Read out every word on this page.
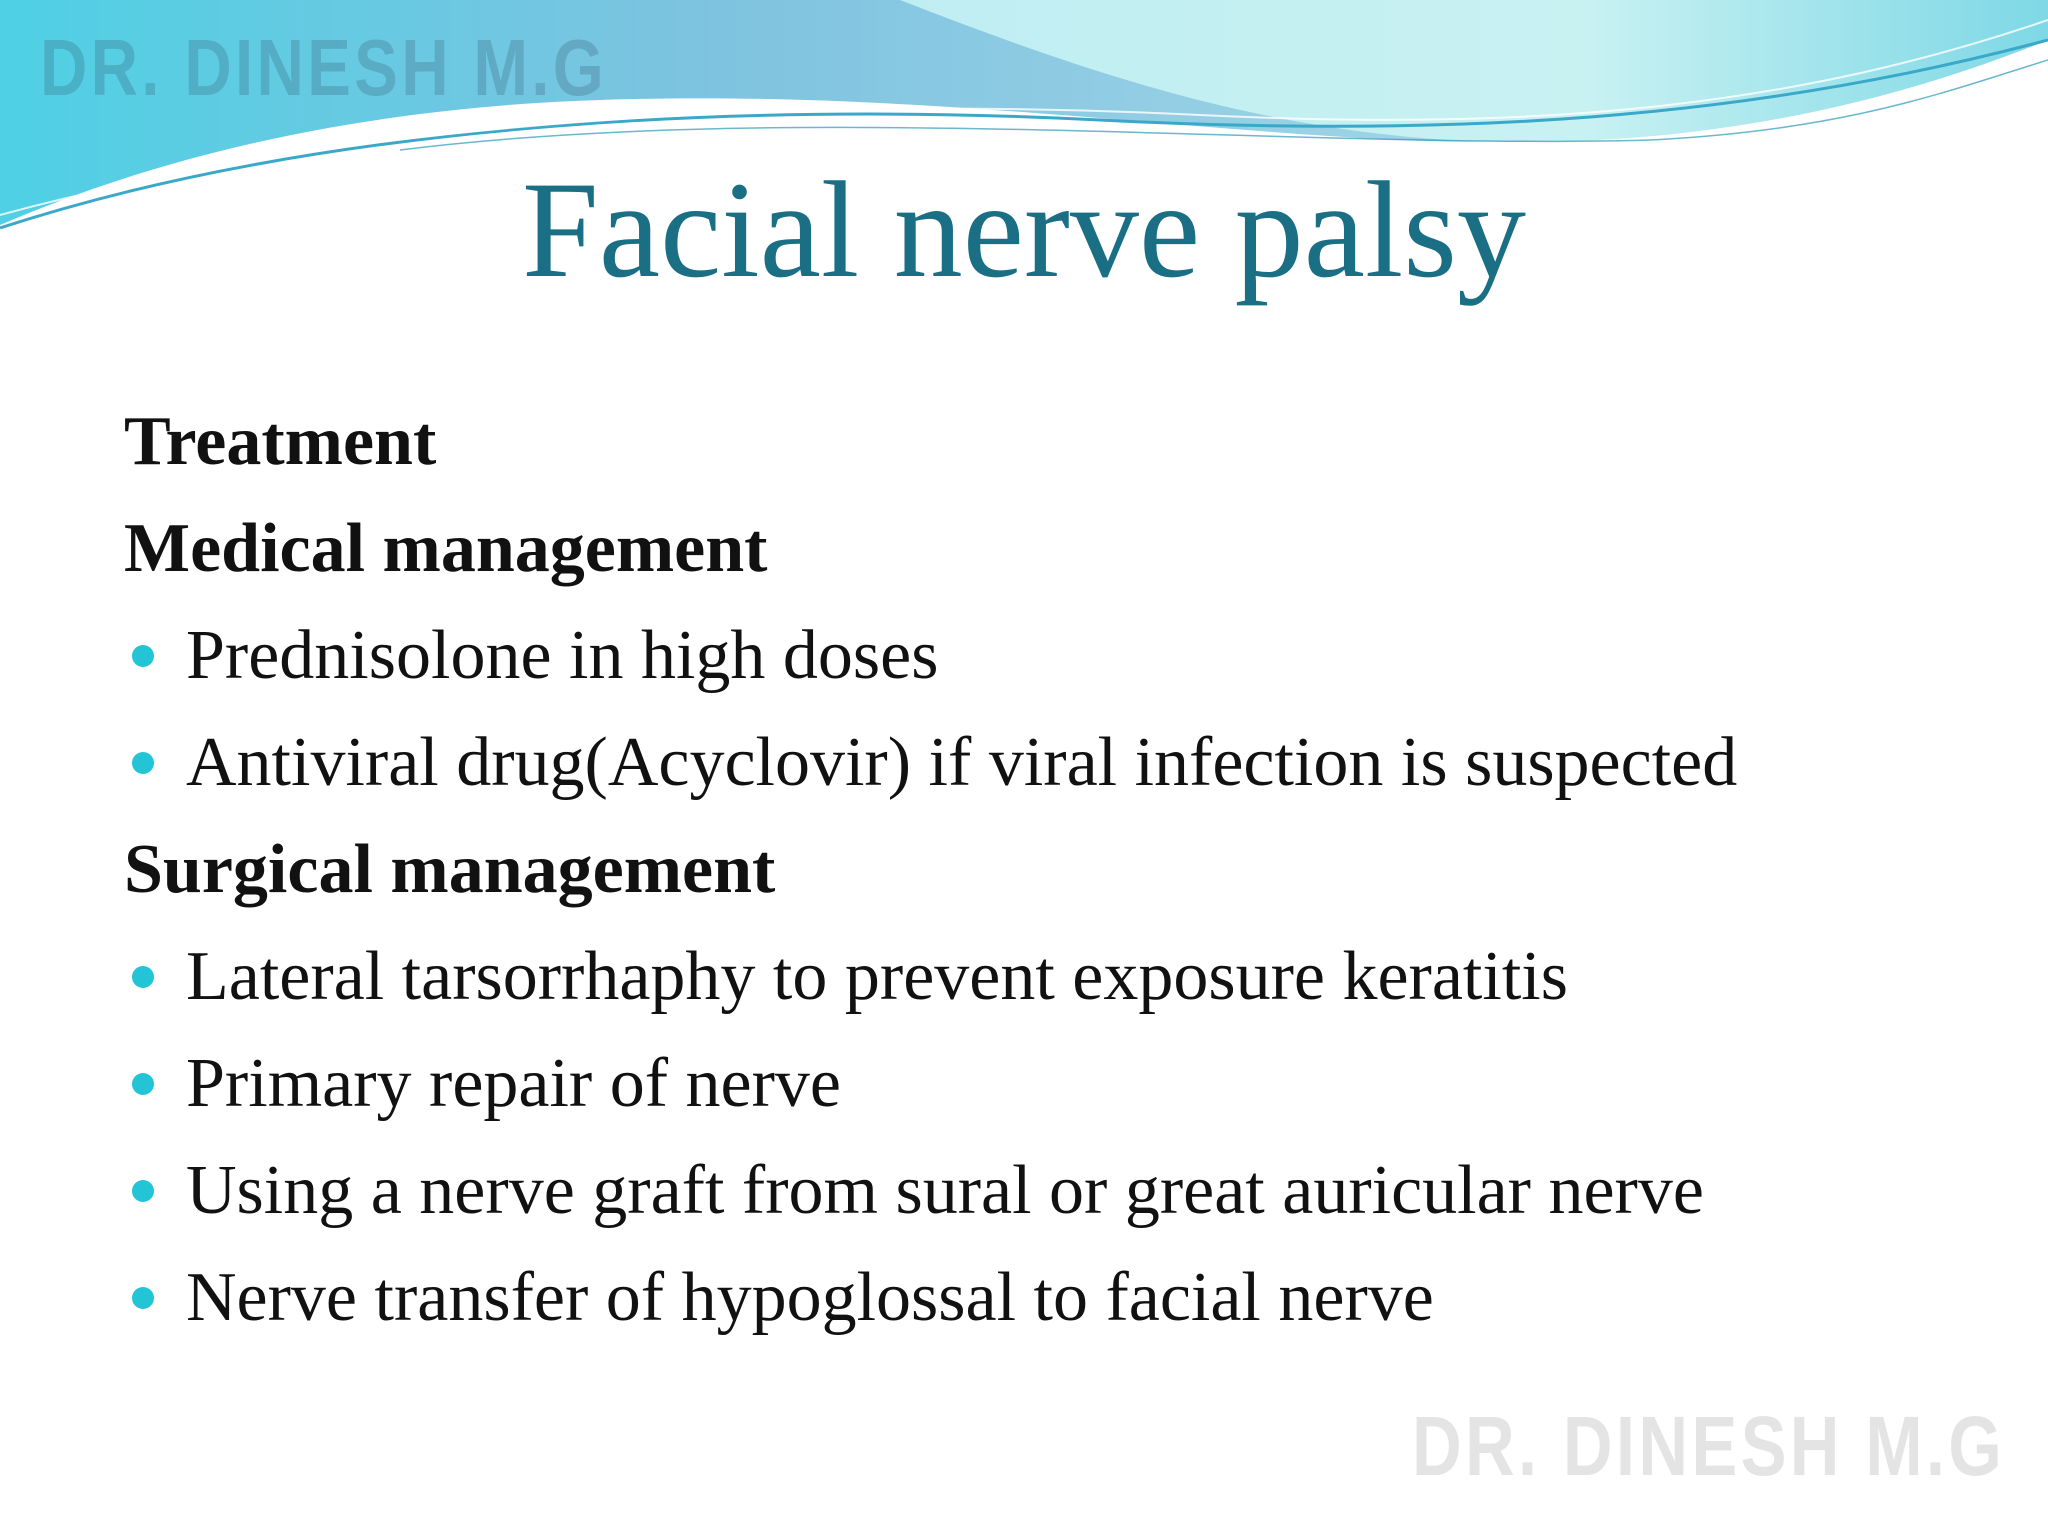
DR. DINESH M.G
Facial nerve palsy
Treatment
Medical management
Prednisolone in high doses
Antiviral drug(Acyclovir) if viral infection is suspected
Surgical management
Lateral tarsorrhaphy to prevent exposure keratitis
Primary repair of nerve
Using a nerve graft from sural or great auricular nerve
Nerve transfer of hypoglossal to facial nerve
DR. DINESH M.G
